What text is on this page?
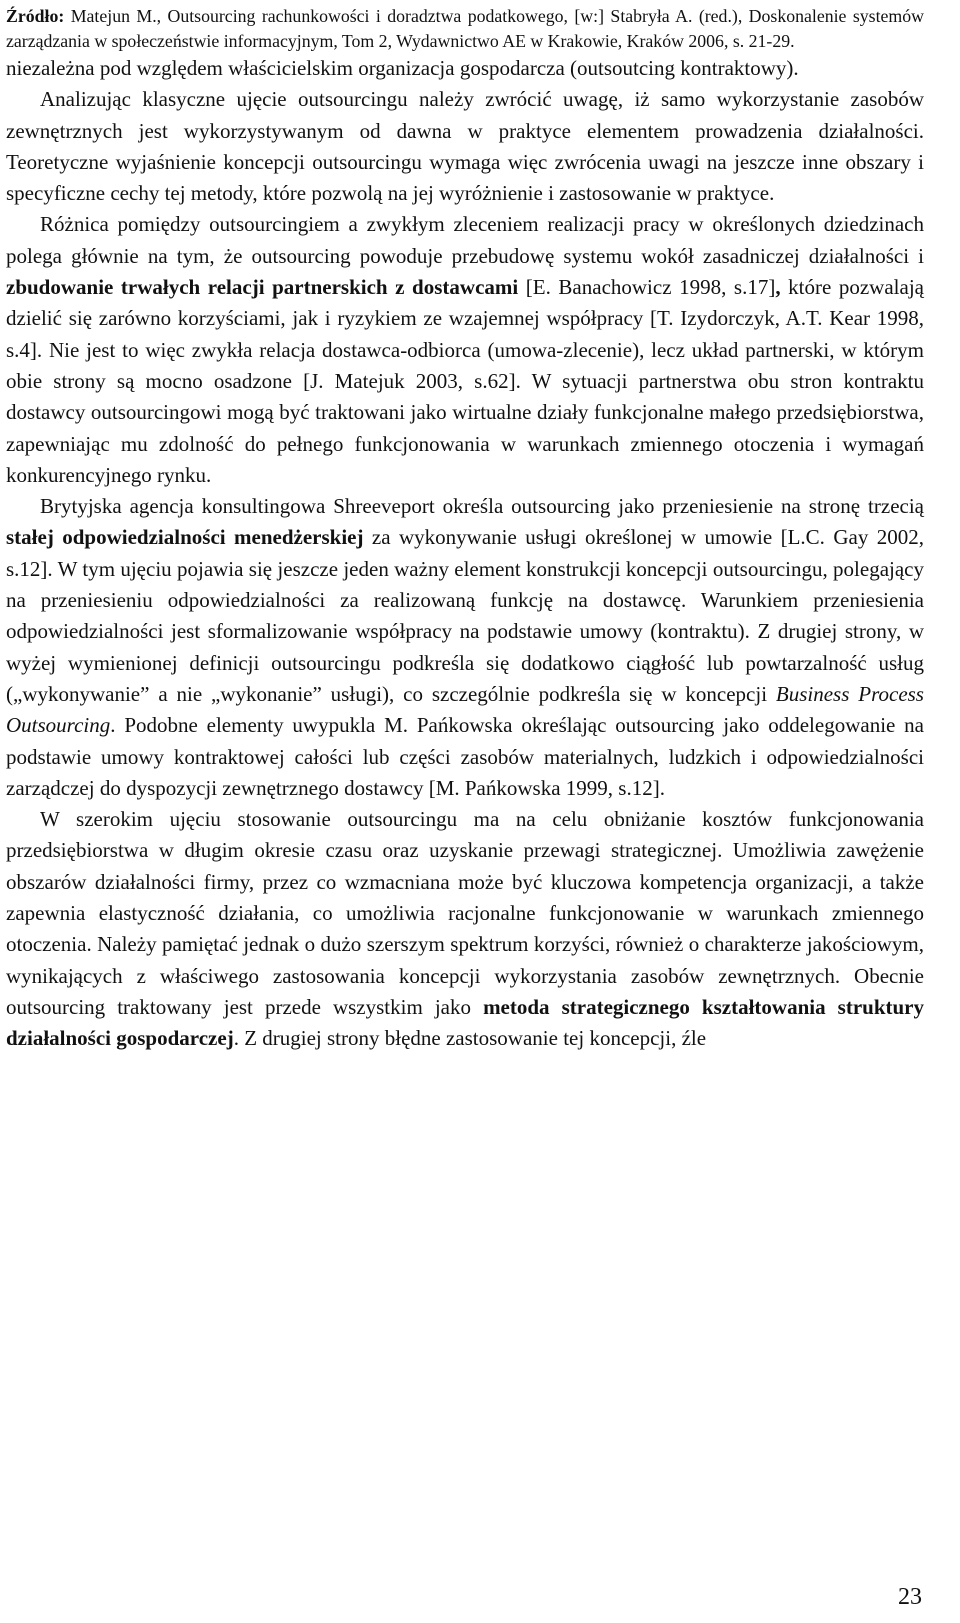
Źródło: Matejun M., Outsourcing rachunkowości i doradztwa podatkowego, [w:] Stabryła A. (red.), Doskonalenie systemów zarządzania w społeczeństwie informacyjnym, Tom 2, Wydawnictwo AE w Krakowie, Kraków 2006, s. 21-29.

niezależna pod względem właścicielskim organizacja gospodarcza (outsoutcing kontraktowy).

Analizując klasyczne ujęcie outsourcingu należy zwrócić uwagę, iż samo wykorzystanie zasobów zewnętrznych jest wykorzystywanym od dawna w praktyce elementem prowadzenia działalności. Teoretyczne wyjaśnienie koncepcji outsourcingu wymaga więc zwrócenia uwagi na jeszcze inne obszary i specyficzne cechy tej metody, które pozwolą na jej wyróżnienie i zastosowanie w praktyce.

Różnica pomiędzy outsourcingiem a zwykłym zleceniem realizacji pracy w określonych dziedzinach polega głównie na tym, że outsourcing powoduje przebudowę systemu wokół zasadniczej działalności i zbudowanie trwałych relacji partnerskich z dostawcami [E. Banachowicz 1998, s.17], które pozwalają dzielić się zarówno korzyściami, jak i ryzykiem ze wzajemnej współpracy [T. Izydorczyk, A.T. Kear 1998, s.4]. Nie jest to więc zwykła relacja dostawca-odbiorca (umowa-zlecenie), lecz układ partnerski, w którym obie strony są mocno osadzone [J. Matejuk 2003, s.62]. W sytuacji partnerstwa obu stron kontraktu dostawcy outsourcingowi mogą być traktowani jako wirtualne działy funkcjonalne małego przedsiębiorstwa, zapewniając mu zdolność do pełnego funkcjonowania w warunkach zmiennego otoczenia i wymagań konkurencyjnego rynku.

Brytyjska agencja konsultingowa Shreeveport określa outsourcing jako przeniesienie na stronę trzecią stałej odpowiedzialności menedżerskiej za wykonywanie usługi określonej w umowie [L.C. Gay 2002, s.12]. W tym ujęciu pojawia się jeszcze jeden ważny element konstrukcji koncepcji outsourcingu, polegający na przeniesieniu odpowiedzialności za realizowaną funkcję na dostawcę. Warunkiem przeniesienia odpowiedzialności jest sformalizowanie współpracy na podstawie umowy (kontraktu). Z drugiej strony, w wyżej wymienionej definicji outsourcingu podkreśla się dodatkowo ciągłość lub powtarzalność usług („wykonywanie” a nie „wykonanie” usługi), co szczególnie podkreśla się w koncepcji Business Process Outsourcing. Podobne elementy uwypukla M. Pańkowska określając outsourcing jako oddelegowanie na podstawie umowy kontraktowej całości lub części zasobów materialnych, ludzkich i odpowiedzialności zarządczej do dyspozycji zewnętrznego dostawcy [M. Pańkowska 1999, s.12].

W szerokim ujęciu stosowanie outsourcingu ma na celu obniżanie kosztów funkcjonowania przedsiębiorstwa w długim okresie czasu oraz uzyskanie przewagi strategicznej. Umożliwia zawężenie obszarów działalności firmy, przez co wzmacniana może być kluczowa kompetencja organizacji, a także zapewnia elastyczność działania, co umożliwia racjonalne funkcjonowanie w warunkach zmiennego otoczenia. Należy pamiętać jednak o dużo szerszym spektrum korzyści, również o charakterze jakościowym, wynikających z właściwego zastosowania koncepcji wykorzystania zasobów zewnętrznych. Obecnie outsourcing traktowany jest przede wszystkim jako metoda strategicznego kształtowania struktury działalności gospodarczej. Z drugiej strony błędne zastosowanie tej koncepcji, źle

23
